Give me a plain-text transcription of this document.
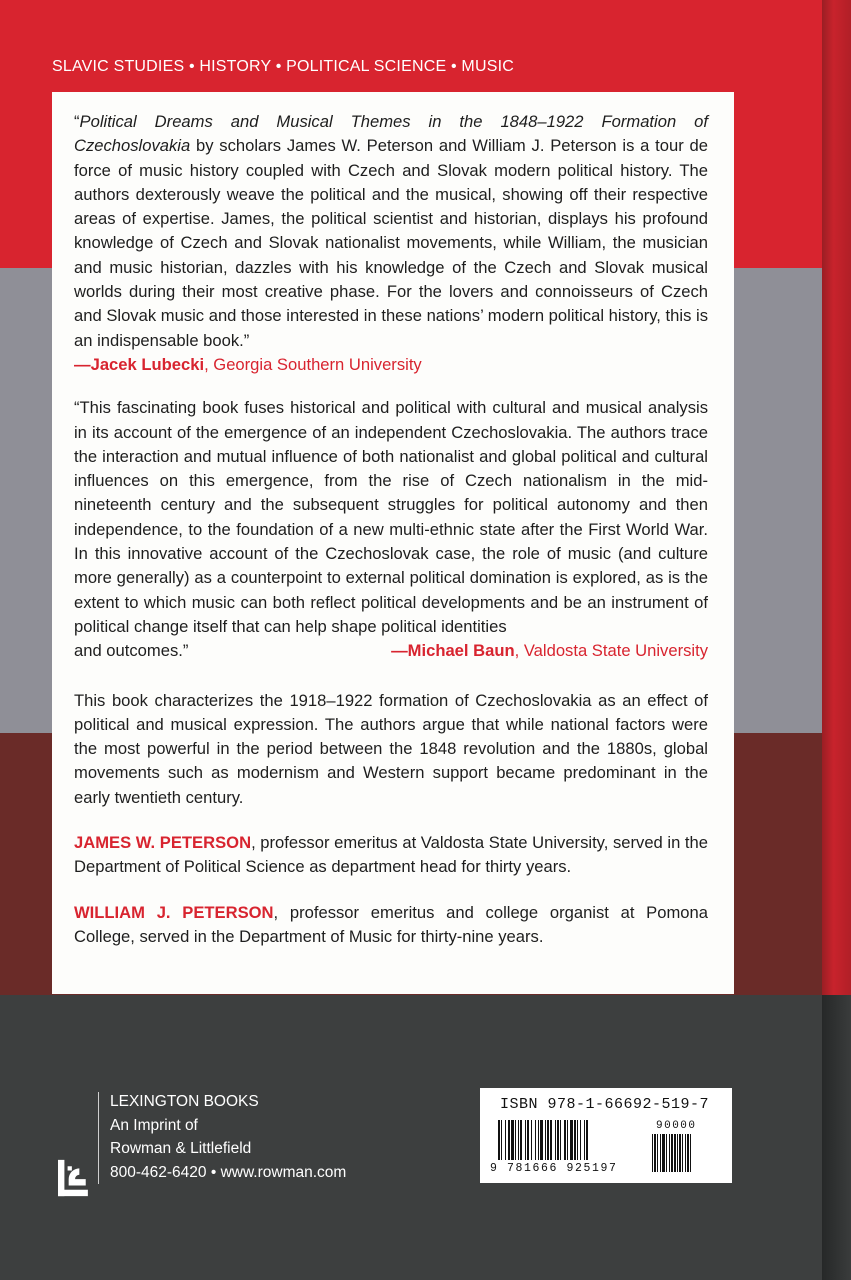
SLAVIC STUDIES • HISTORY • POLITICAL SCIENCE • MUSIC

“Political Dreams and Musical Themes in the 1848–1922 Formation of Czechoslovakia by scholars James W. Peterson and William J. Peterson is a tour de force of music history coupled with Czech and Slovak modern political history. The authors dexterously weave the political and the musical, showing off their respective areas of expertise. James, the political scientist and historian, displays his profound knowledge of Czech and Slovak nationalist movements, while William, the musician and music historian, dazzles with his knowledge of the Czech and Slovak musical worlds during their most creative phase. For the lovers and connoisseurs of Czech and Slovak music and those interested in these nations’ modern political history, this is an indispensable book.”

—Jacek Lubecki, Georgia Southern University

“This fascinating book fuses historical and political with cultural and musical analysis in its account of the emergence of an independent Czechoslovakia. The authors trace the interaction and mutual influence of both nationalist and global political and cultural influences on this emergence, from the rise of Czech nationalism in the mid-nineteenth century and the subsequent struggles for political autonomy and then independence, to the foundation of a new multi-ethnic state after the First World War. In this innovative account of the Czechoslovak case, the role of music (and culture more generally) as a counterpoint to external political domination is explored, as is the extent to which music can both reflect political developments and be an instrument of political change itself that can help shape political identities

and outcomes.”	—Michael Baun, Valdosta State University

This book characterizes the 1918–1922 formation of Czechoslovakia as an effect of political and musical expression. The authors argue that while national factors were the most powerful in the period between the 1848 revolution and the 1880s, global movements such as modernism and Western support became predominant in the early twentieth century.

JAMES W. PETERSON, professor emeritus at Valdosta State University, served in the Department of Political Science as department head for thirty years.

WILLIAM J. PETERSON, professor emeritus and college organist at Pomona College, served in the Department of Music for thirty-nine years.

LEXINGTON BOOKS
An Imprint of
Rowman & Littlefield
800-462-6420 • www.rowman.com
ISBN 978-1-66692-519-7
90000
9 781666 925197
